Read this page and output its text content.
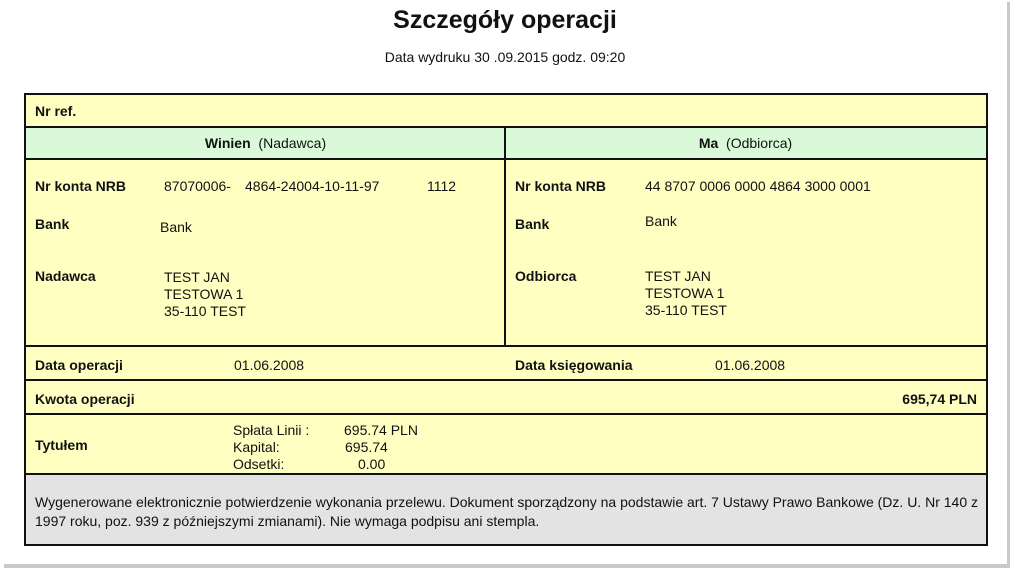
Szczegóły operacji
Data wydruku 30 .09.2015 godz. 09:20
Nr ref.
Winien (Nadawca)	Ma (Odbiorca)
Nr konta NRB	87070006- 4864-24004-10-11-97	1112
Bank	Bank
Nadawca	TEST JAN
TESTOWA 1
35-110 TEST
Nr konta NRB	44 8707 0006 0000 4864 3000 0001
Bank	Bank
Odbiorca	TEST JAN
TESTOWA 1
35-110 TEST
Data operacji	01.06.2008	Data księgowania	01.06.2008
Kwota operacji	695,74 PLN
Tytułem
Spłata Linii : 695.74 PLN
Kapital:	695.74
Odsetki:	0.00
Wygenerowane elektronicznie potwierdzenie wykonania przelewu. Dokument sporządzony na podstawie art. 7 Ustawy Prawo Bankowe (Dz. U. Nr 140 z 1997 roku, poz. 939 z późniejszymi zmianami). Nie wymaga podpisu ani stempla.
